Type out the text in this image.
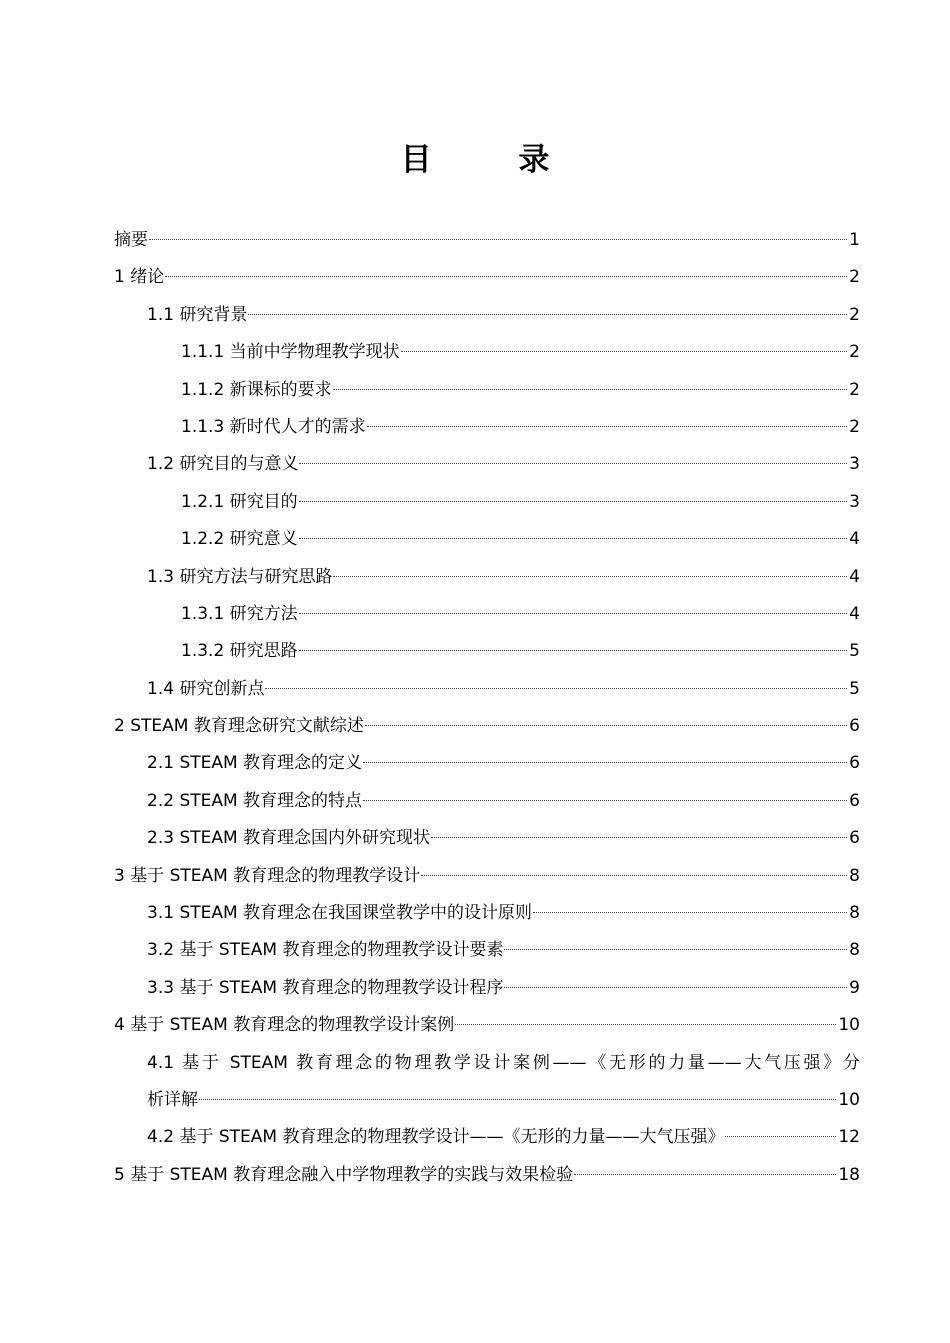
目 录
摘要	1
1 绪论	2
1.1 研究背景	2
1.1.1 当前中学物理教学现状	2
1.1.2 新课标的要求	2
1.1.3 新时代人才的需求	2
1.2 研究目的与意义	3
1.2.1 研究目的	3
1.2.2 研究意义	4
1.3 研究方法与研究思路	4
1.3.1 研究方法	4
1.3.2 研究思路	5
1.4 研究创新点	5
2 STEAM 教育理念研究文献综述	6
2.1 STEAM 教育理念的定义	6
2.2 STEAM 教育理念的特点	6
2.3 STEAM 教育理念国内外研究现状	6
3 基于 STEAM 教育理念的物理教学设计	8
3.1 STEAM 教育理念在我国课堂教学中的设计原则	8
3.2 基于 STEAM 教育理念的物理教学设计要素	8
3.3 基于 STEAM 教育理念的物理教学设计程序	9
4 基于 STEAM 教育理念的物理教学设计案例	10
4.1 基于 STEAM 教育理念的物理教学设计案例——《无形的力量——大气压强》分
析详解	10
4.2 基于 STEAM 教育理念的物理教学设计——《无形的力量——大气压强》	12
5 基于 STEAM 教育理念融入中学物理教学的实践与效果检验	18
